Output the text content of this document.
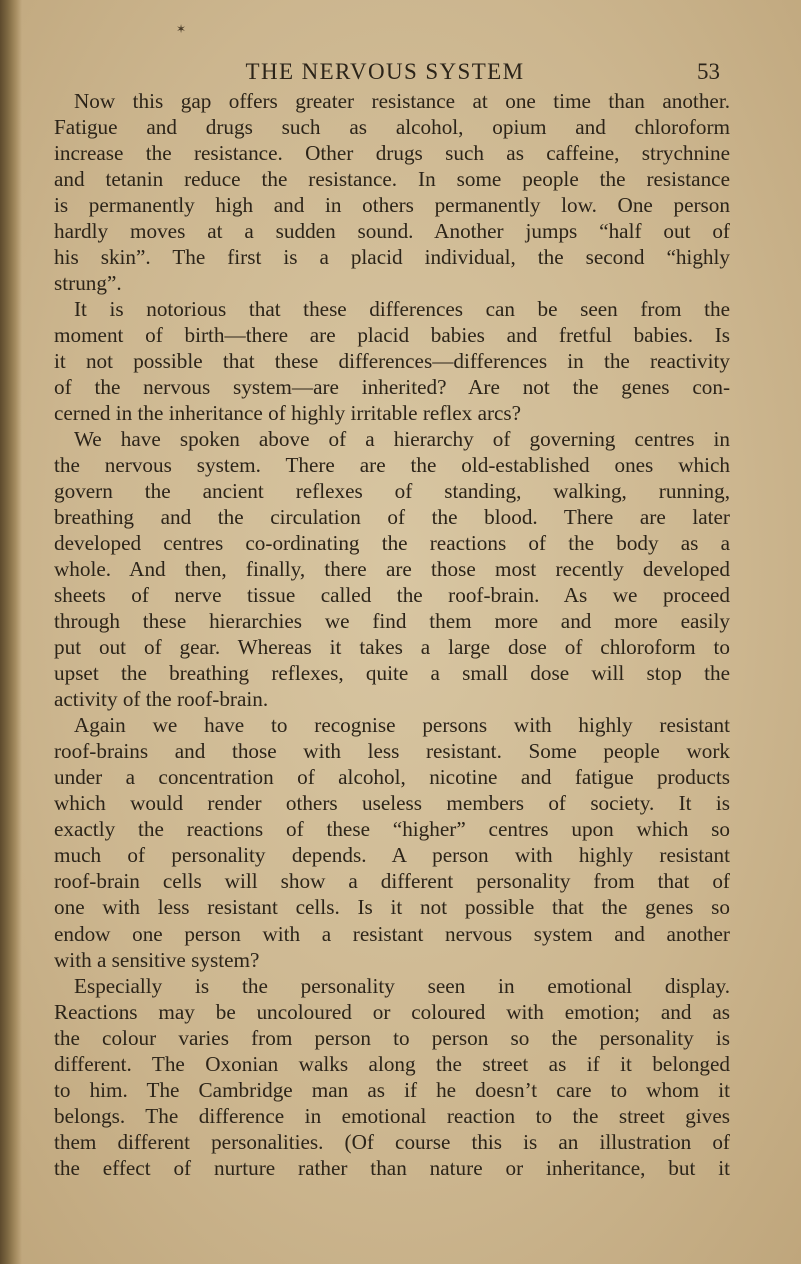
✶
THE NERVOUS SYSTEM	53
Now this gap offers greater resistance at one time than another.
Fatigue and drugs such as alcohol, opium and chloroform
increase the resistance. Other drugs such as caffeine, strychnine
and tetanin reduce the resistance. In some people the resistance
is permanently high and in others permanently low. One person
hardly moves at a sudden sound. Another jumps “half out of
his skin”. The first is a placid individual, the second “highly
strung”.
It is notorious that these differences can be seen from the
moment of birth—there are placid babies and fretful babies. Is
it not possible that these differences—differences in the reactivity
of the nervous system—are inherited? Are not the genes con-
cerned in the inheritance of highly irritable reflex arcs?
We have spoken above of a hierarchy of governing centres in
the nervous system. There are the old-established ones which
govern the ancient reflexes of standing, walking, running,
breathing and the circulation of the blood. There are later
developed centres co-ordinating the reactions of the body as a
whole. And then, finally, there are those most recently developed
sheets of nerve tissue called the roof-brain. As we proceed
through these hierarchies we find them more and more easily
put out of gear. Whereas it takes a large dose of chloroform to
upset the breathing reflexes, quite a small dose will stop the
activity of the roof-brain.
Again we have to recognise persons with highly resistant
roof-brains and those with less resistant. Some people work
under a concentration of alcohol, nicotine and fatigue products
which would render others useless members of society. It is
exactly the reactions of these “higher” centres upon which so
much of personality depends. A person with highly resistant
roof-brain cells will show a different personality from that of
one with less resistant cells. Is it not possible that the genes so
endow one person with a resistant nervous system and another
with a sensitive system?
Especially is the personality seen in emotional display.
Reactions may be uncoloured or coloured with emotion; and as
the colour varies from person to person so the personality is
different. The Oxonian walks along the street as if it belonged
to him. The Cambridge man as if he doesn’t care to whom it
belongs. The difference in emotional reaction to the street gives
them different personalities. (Of course this is an illustration of
the effect of nurture rather than nature or inheritance, but it
